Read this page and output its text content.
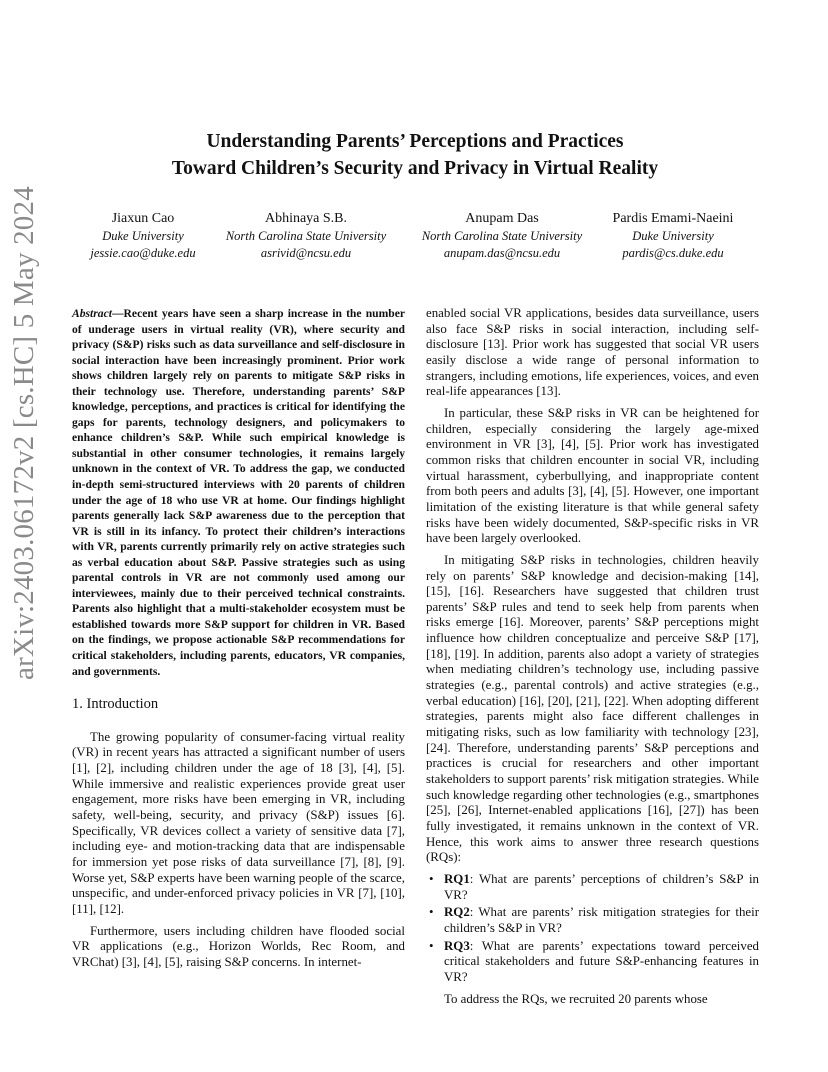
arXiv:2403.06172v2 [cs.HC] 5 May 2024
Understanding Parents’ Perceptions and Practices
Toward Children’s Security and Privacy in Virtual Reality
Jiaxun Cao
Duke University
jessie.cao@duke.edu
Abhinaya S.B.
North Carolina State University
asrivid@ncsu.edu
Anupam Das
North Carolina State University
anupam.das@ncsu.edu
Pardis Emami-Naeini
Duke University
pardis@cs.duke.edu

Abstract—Recent years have seen a sharp increase in the number of underage users in virtual reality (VR), where security and privacy (S&P) risks such as data surveillance and self-disclosure in social interaction have been increasingly prominent. Prior work shows children largely rely on parents to mitigate S&P risks in their technology use. Therefore, understanding parents’ S&P knowledge, perceptions, and practices is critical for identifying the gaps for parents, technology designers, and policymakers to enhance children’s S&P. While such empirical knowledge is substantial in other consumer technologies, it remains largely unknown in the context of VR. To address the gap, we conducted in-depth semi-structured interviews with 20 parents of children under the age of 18 who use VR at home. Our findings highlight parents generally lack S&P awareness due to the perception that VR is still in its infancy. To protect their children’s interactions with VR, parents currently primarily rely on active strategies such as verbal education about S&P. Passive strategies such as using parental controls in VR are not commonly used among our interviewees, mainly due to their perceived technical constraints. Parents also highlight that a multi-stakeholder ecosystem must be established towards more S&P support for children in VR. Based on the findings, we propose actionable S&P recommendations for critical stakeholders, including parents, educators, VR companies, and governments.

1. Introduction

The growing popularity of consumer-facing virtual reality (VR) in recent years has attracted a significant number of users [1], [2], including children under the age of 18 [3], [4], [5]. While immersive and realistic experiences provide great user engagement, more risks have been emerging in VR, including safety, well-being, security, and privacy (S&P) issues [6]. Specifically, VR devices collect a variety of sensitive data [7], including eye- and motion-tracking data that are indispensable for immersion yet pose risks of data surveillance [7], [8], [9]. Worse yet, S&P experts have been warning people of the scarce, unspecific, and under-enforced privacy policies in VR [7], [10], [11], [12].

Furthermore, users including children have flooded social VR applications (e.g., Horizon Worlds, Rec Room, and VRChat) [3], [4], [5], raising S&P concerns. In internet-

enabled social VR applications, besides data surveillance, users also face S&P risks in social interaction, including self-disclosure [13]. Prior work has suggested that social VR users easily disclose a wide range of personal information to strangers, including emotions, life experiences, voices, and even real-life appearances [13].

In particular, these S&P risks in VR can be heightened for children, especially considering the largely age-mixed environment in VR [3], [4], [5]. Prior work has investigated common risks that children encounter in social VR, including virtual harassment, cyberbullying, and inappropriate content from both peers and adults [3], [4], [5]. However, one important limitation of the existing literature is that while general safety risks have been widely documented, S&P-specific risks in VR have been largely overlooked.

In mitigating S&P risks in technologies, children heavily rely on parents’ S&P knowledge and decision-making [14], [15], [16]. Researchers have suggested that children trust parents’ S&P rules and tend to seek help from parents when risks emerge [16]. Moreover, parents’ S&P perceptions might influence how children conceptualize and perceive S&P [17], [18], [19]. In addition, parents also adopt a variety of strategies when mediating children’s technology use, including passive strategies (e.g., parental controls) and active strategies (e.g., verbal education) [16], [20], [21], [22]. When adopting different strategies, parents might also face different challenges in mitigating risks, such as low familiarity with technology [23], [24]. Therefore, understanding parents’ S&P perceptions and practices is crucial for researchers and other important stakeholders to support parents’ risk mitigation strategies. While such knowledge regarding other technologies (e.g., smartphones [25], [26], Internet-enabled applications [16], [27]) has been fully investigated, it remains unknown in the context of VR. Hence, this work aims to answer three research questions (RQs):

• RQ1: What are parents’ perceptions of children’s S&P in VR?
• RQ2: What are parents’ risk mitigation strategies for their children’s S&P in VR?
• RQ3: What are parents’ expectations toward perceived critical stakeholders and future S&P-enhancing features in VR?

To address the RQs, we recruited 20 parents whose
